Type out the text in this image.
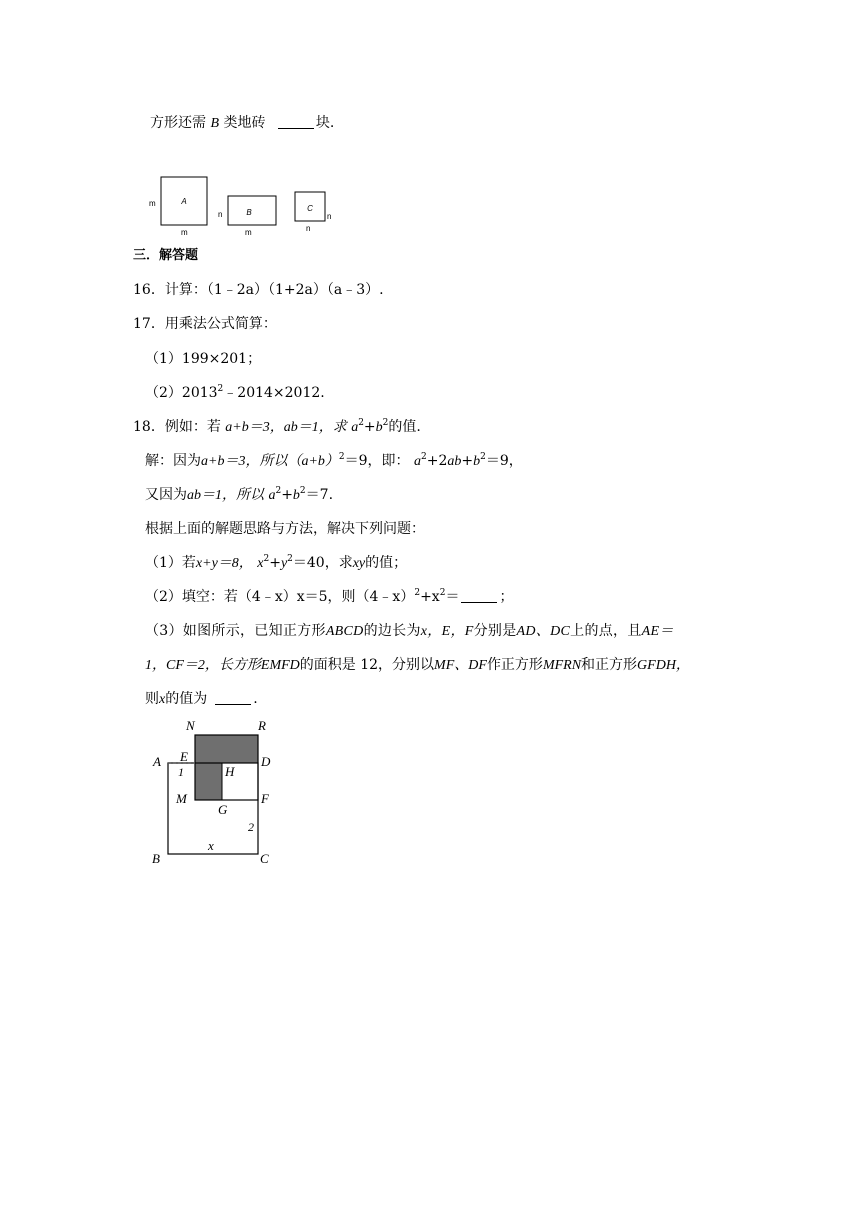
方形还需 B 类地砖	块.
A
m
m
B
n
m
C
n
n
三．解答题
16．计算：（1﹣2a）（1+2a）（a﹣3）.
17．用乘法公式简算：
（1）199×201；
$(2)2013^2﹣2014\times 2012$.
18．例如：若 a+b＝3，ab＝1，求 $a^2+b^2$的值.
解：因为a+b＝3，所以$(a+b)^2=9$，即： $a^2+2ab+b^2=9$，
又因为ab＝1，所以 $a^2+b^2=7$.
根据上面的解题思路与方法，解决下列问题：
（1）若x+y＝8， $x^2+y^2=40$，求xy的值；
（2）填空：若（4﹣x）x＝5，则$(4﹣x)^2+x^2=$	；
（3）如图所示，已知正方形ABCD的边长为x，E，F分别是AD、DC上的点，且AE＝
1，CF＝2，长方形EMFD的面积是 12，分别以MF、DF作正方形MFRN和正方形GFDH，
则x的值为	.
N	R
A E	D
1	H
M	F
G
2
B
x
C
